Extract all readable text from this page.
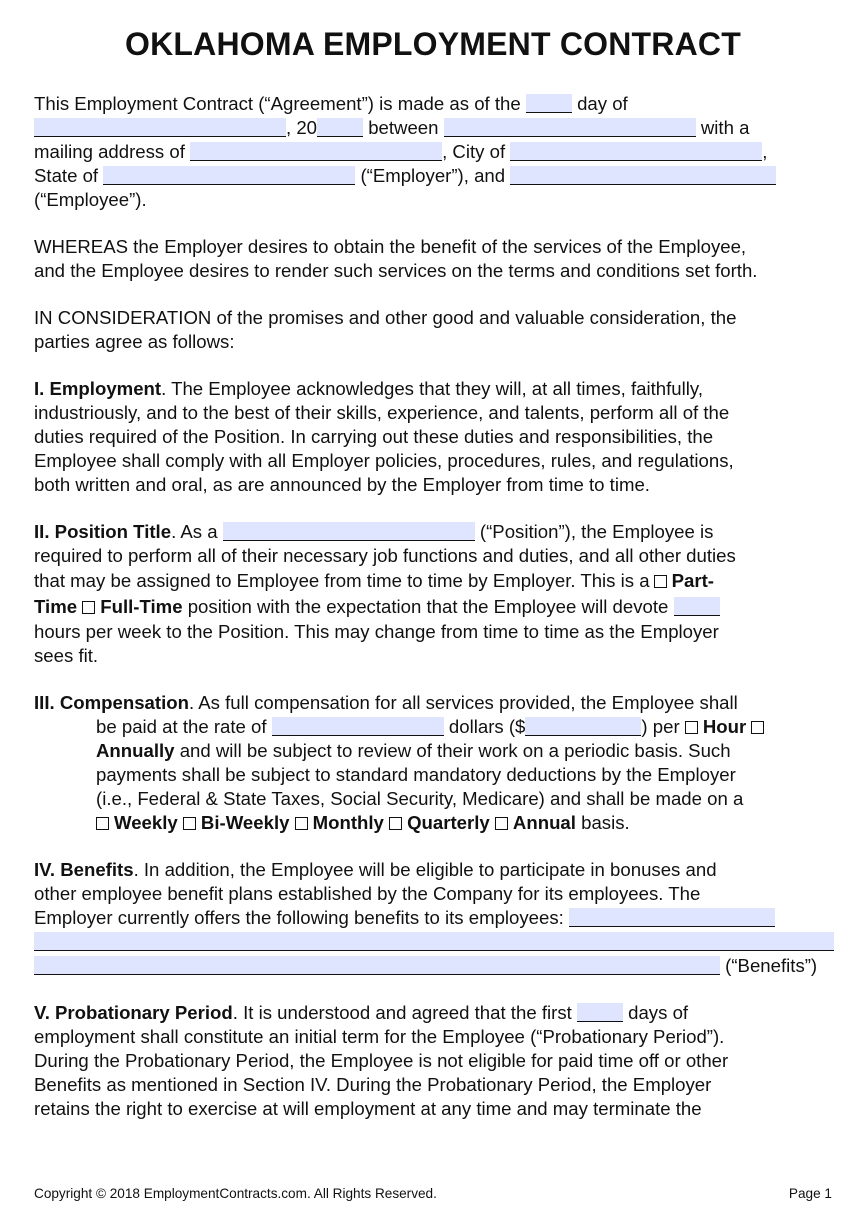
OKLAHOMA EMPLOYMENT CONTRACT
This Employment Contract (“Agreement”) is made as of the	day of
, 20	between	with a
mailing address of	, City of	,
State of	(“Employer”), and
(“Employee”).
WHEREAS the Employer desires to obtain the benefit of the services of the Employee,
and the Employee desires to render such services on the terms and conditions set forth.
IN CONSIDERATION of the promises and other good and valuable consideration, the
parties agree as follows:
I. Employment. The Employee acknowledges that they will, at all times, faithfully,
industriously, and to the best of their skills, experience, and talents, perform all of the
duties required of the Position. In carrying out these duties and responsibilities, the
Employee shall comply with all Employer policies, procedures, rules, and regulations,
both written and oral, as are announced by the Employer from time to time.
II. Position Title. As a	(“Position”), the Employee is
required to perform all of their necessary job functions and duties, and all other duties
that may be assigned to Employee from time to time by Employer. This is a Part-
Time Full-Time position with the expectation that the Employee will devote
hours per week to the Position. This may change from time to time as the Employer
sees fit.
III. Compensation. As full compensation for all services provided, the Employee shall
be paid at the rate of	dollars ($	) per Hour
Annually and will be subject to review of their work on a periodic basis. Such
payments shall be subject to standard mandatory deductions by the Employer
(i.e., Federal & State Taxes, Social Security, Medicare) and shall be made on a
Weekly Bi-Weekly Monthly Quarterly Annual basis.
IV. Benefits. In addition, the Employee will be eligible to participate in bonuses and
other employee benefit plans established by the Company for its employees. The
Employer currently offers the following benefits to its employees:
(“Benefits”)
V. Probationary Period. It is understood and agreed that the first	days of
employment shall constitute an initial term for the Employee (“Probationary Period”).
During the Probationary Period, the Employee is not eligible for paid time off or other
Benefits as mentioned in Section IV. During the Probationary Period, the Employer
retains the right to exercise at will employment at any time and may terminate the
Copyright © 2018 EmploymentContracts.com. All Rights Reserved.	Page 1
